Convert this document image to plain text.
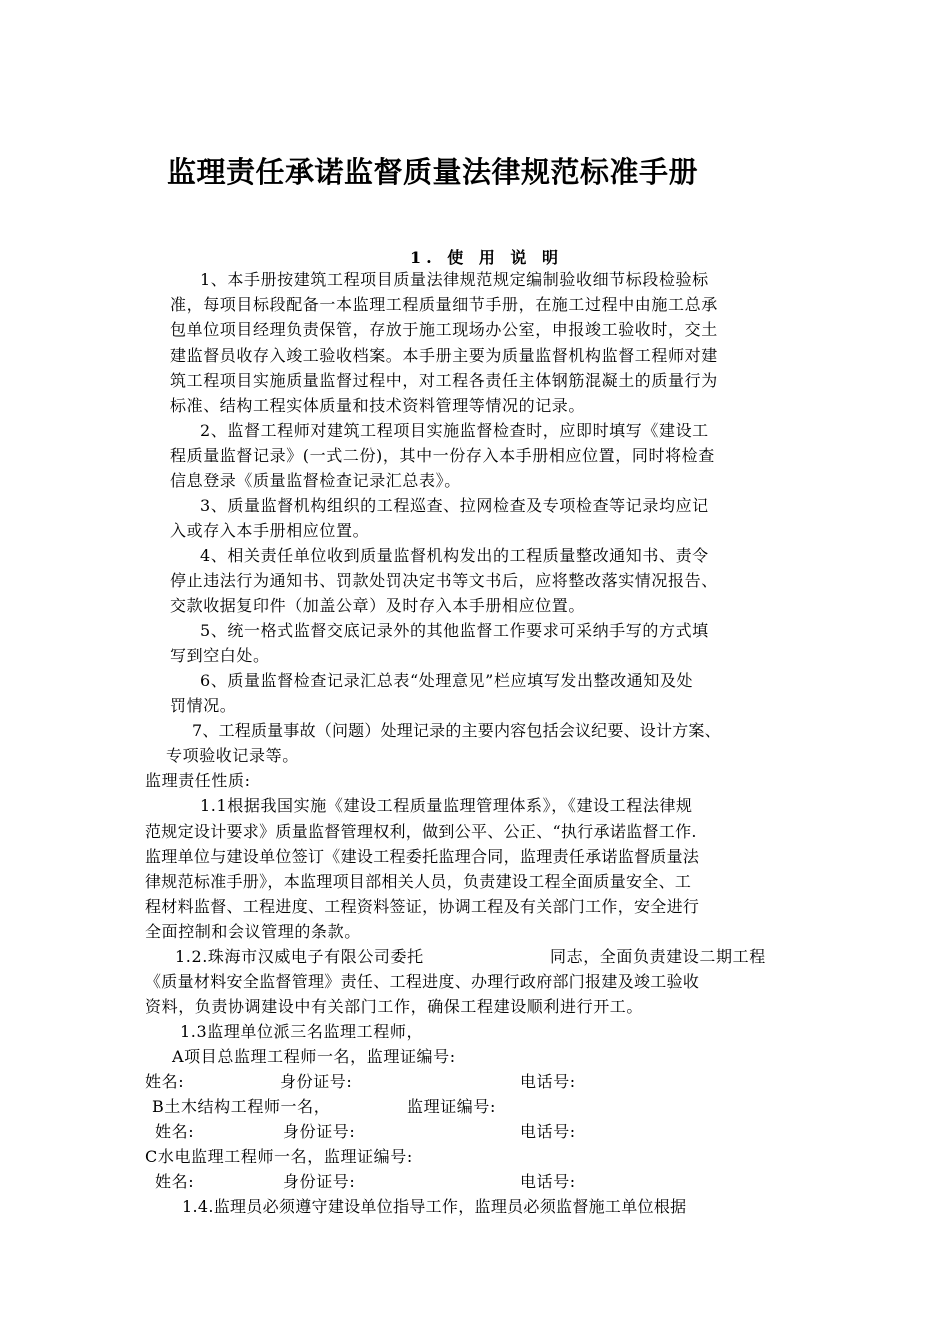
监理责任承诺监督质量法律规范标准手册
1. 使 用 说 明
1、本手册按建筑工程项目质量法律规范规定编制验收细节标段检验标
准，每项目标段配备一本监理工程质量细节手册，在施工过程中由施工总承
包单位项目经理负责保管，存放于施工现场办公室，申报竣工验收时，交土
建监督员收存入竣工验收档案。本手册主要为质量监督机构监督工程师对建
筑工程项目实施质量监督过程中，对工程各责任主体钢筋混凝土的质量行为
标准、结构工程实体质量和技术资料管理等情况的记录。
2、监督工程师对建筑工程项目实施监督检查时，应即时填写《建设工
程质量监督记录》(一式二份)，其中一份存入本手册相应位置，同时将检查
信息登录《质量监督检查记录汇总表》。
3、质量监督机构组织的工程巡查、拉网检查及专项检查等记录均应记
入或存入本手册相应位置。
4、相关责任单位收到质量监督机构发出的工程质量整改通知书、责令
停止违法行为通知书、罚款处罚决定书等文书后，应将整改落实情况报告、
交款收据复印件（加盖公章）及时存入本手册相应位置。
5、统一格式监督交底记录外的其他监督工作要求可采纳手写的方式填
写到空白处。
6、质量监督检查记录汇总表“处理意见”栏应填写发出整改通知及处
罚情况。
7、工程质量事故（问题）处理记录的主要内容包括会议纪要、设计方案、
专项验收记录等。
监理责任性质:
1.1根据我国实施《建设工程质量监理管理体系》，《建设工程法律规
范规定设计要求》质量监督管理权利，做到公平、公正、“执行承诺监督工作.
监理单位与建设单位签订《建设工程委托监理合同，监理责任承诺监督质量法
律规范标准手册》，本监理项目部相关人员，负责建设工程全面质量安全、工
程材料监督、工程进度、工程资料签证，协调工程及有关部门工作，安全进行
全面控制和会议管理的条款。
1.2.珠海市汉威电子有限公司委托	同志，全面负责建设二期工程
《质量材料安全监督管理》责任、工程进度、办理行政府部门报建及竣工验收
资料，负责协调建设中有关部门工作，确保工程建设顺利进行开工。
1.3监理单位派三名监理工程师，
A项目总监理工程师一名，监理证编号:
姓名:	身份证号:	电话号:
B土木结构工程师一名，	监理证编号:
姓名:	身份证号:	电话号:
C水电监理工程师一名，监理证编号:
姓名:	身份证号:	电话号:
1.4.监理员必须遵守建设单位指导工作，监理员必须监督施工单位根据
